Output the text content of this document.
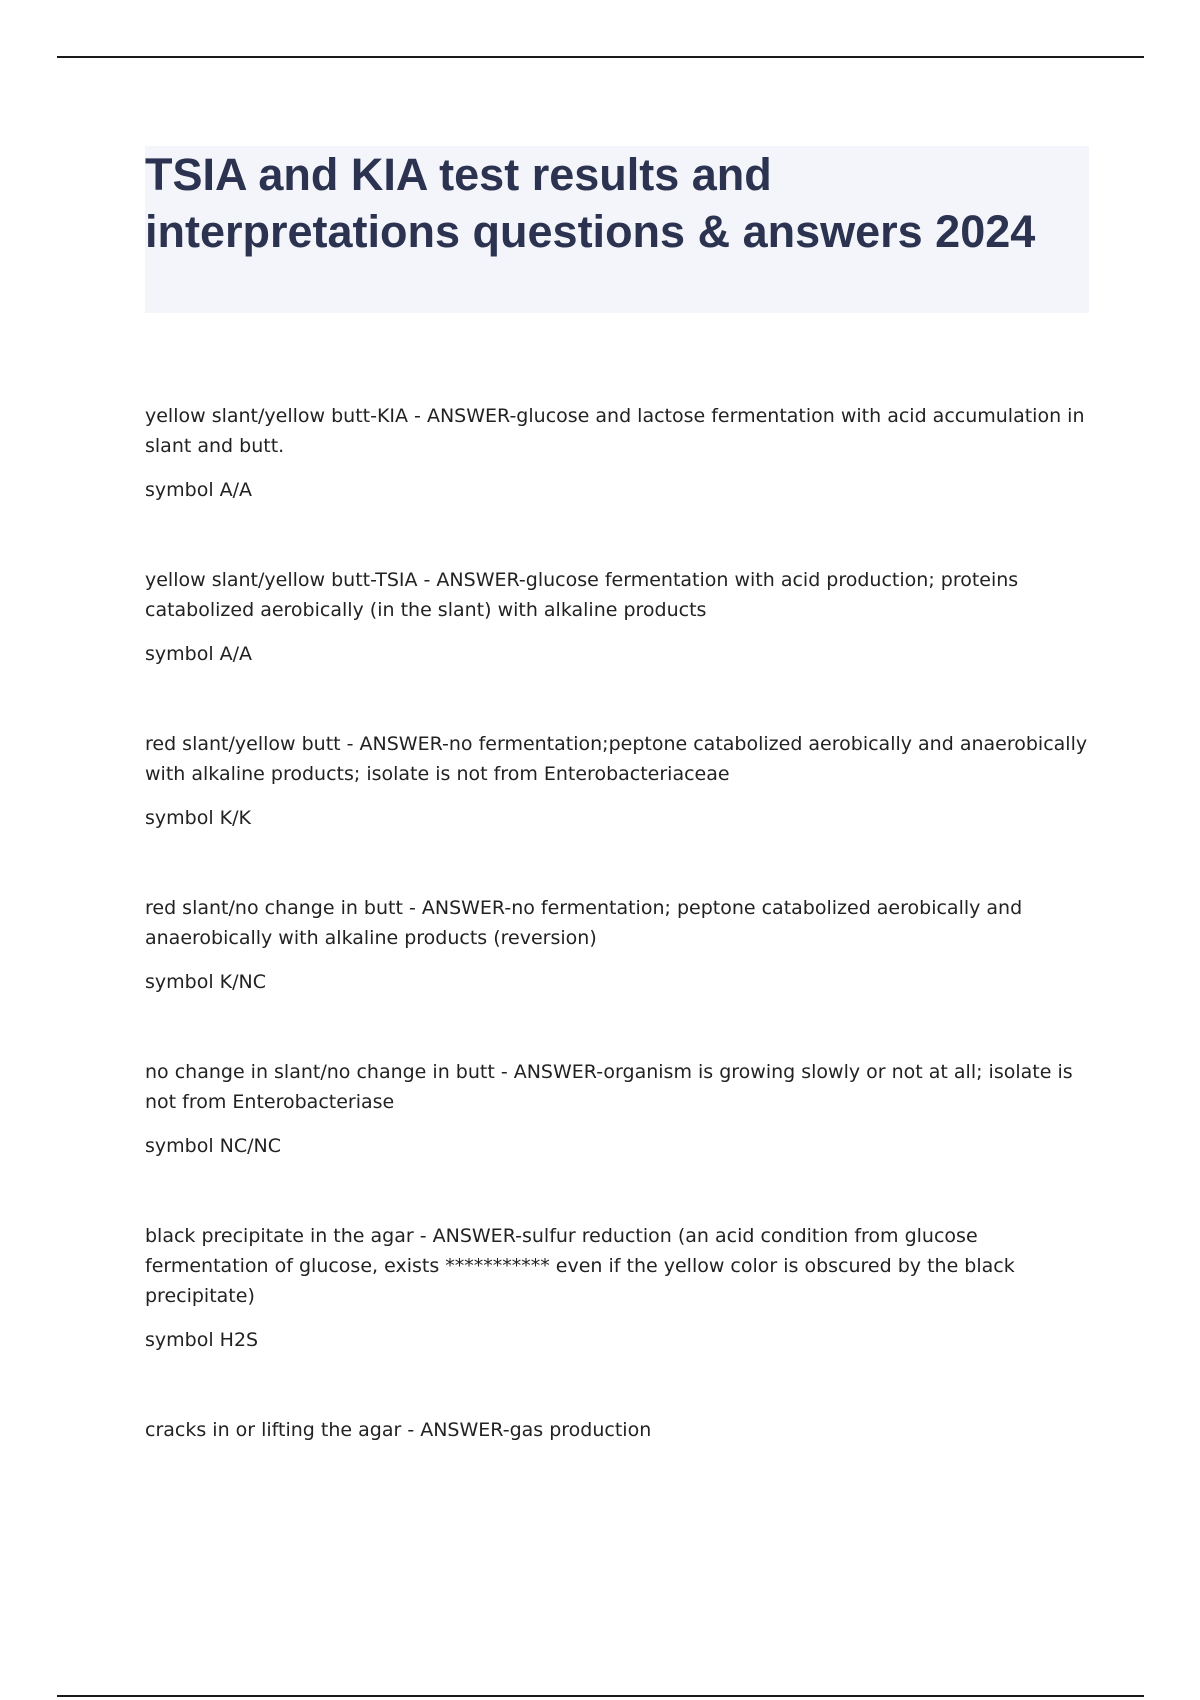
TSIA and KIA test results and interpretations questions & answers 2024

yellow slant/yellow butt-KIA - ANSWER-glucose and lactose fermentation with acid accumulation in slant and butt.

symbol A/A

yellow slant/yellow butt-TSIA - ANSWER-glucose fermentation with acid production; proteins catabolized aerobically (in the slant) with alkaline products

symbol A/A

red slant/yellow butt - ANSWER-no fermentation;peptone catabolized aerobically and anaerobically with alkaline products; isolate is not from Enterobacteriaceae

symbol K/K

red slant/no change in butt - ANSWER-no fermentation; peptone catabolized aerobically and anaerobically with alkaline products (reversion)

symbol K/NC

no change in slant/no change in butt - ANSWER-organism is growing slowly or not at all; isolate is not from Enterobacteriase

symbol NC/NC

black precipitate in the agar - ANSWER-sulfur reduction (an acid condition from glucose fermentation of glucose, exists *********** even if the yellow color is obscured by the black precipitate)

symbol H2S

cracks in or lifting the agar - ANSWER-gas production
